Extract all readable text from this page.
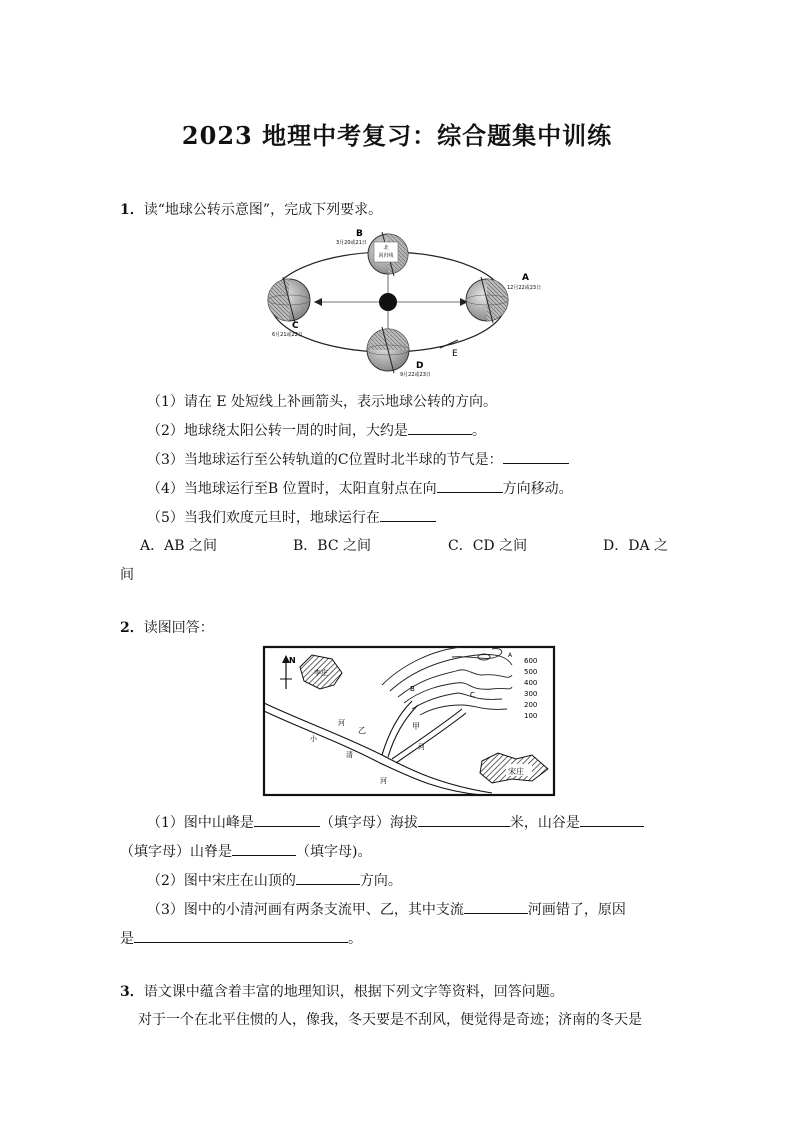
2023 地理中考复习：综合题集中训练
1．读“地球公转示意图”，完成下列要求。
北
回归线
B
3月20或21日
A
12月22或23日
C
6月21或22日
D
9月22或23日
E
（1）请在 E 处短线上补画箭头，表示地球公转的方向。
（2）地球绕太阳公转一周的时间，大约是	。
（3）当地球运行至公转轨道的C位置时北半球的节气是：
（4）当地球运行至B 位置时，太阳直射点在向	方向移动。
（5）当我们欢度元旦时，地球运行在
A．AB 之间	B．BC 之间	C．CD 之间	D．DA 之
间
2．读图回答：
N
李庄
600
500
400
300
200
100
A
B
C
乙
河	甲
河
小
清
河
宋庄
（1）图中山峰是	（填字母）海拔	米，山谷是
（填字母）山脊是	（填字母)。
（2）图中宋庄在山顶的	方向。
（3）图中的小清河画有两条支流甲、乙，其中支流	河画错了，原因
是	。
3．语文课中蕴含着丰富的地理知识，根据下列文字等资料，回答问题。
对于一个在北平住惯的人，像我，冬天要是不刮风，便觉得是奇迹；济南的冬天是
